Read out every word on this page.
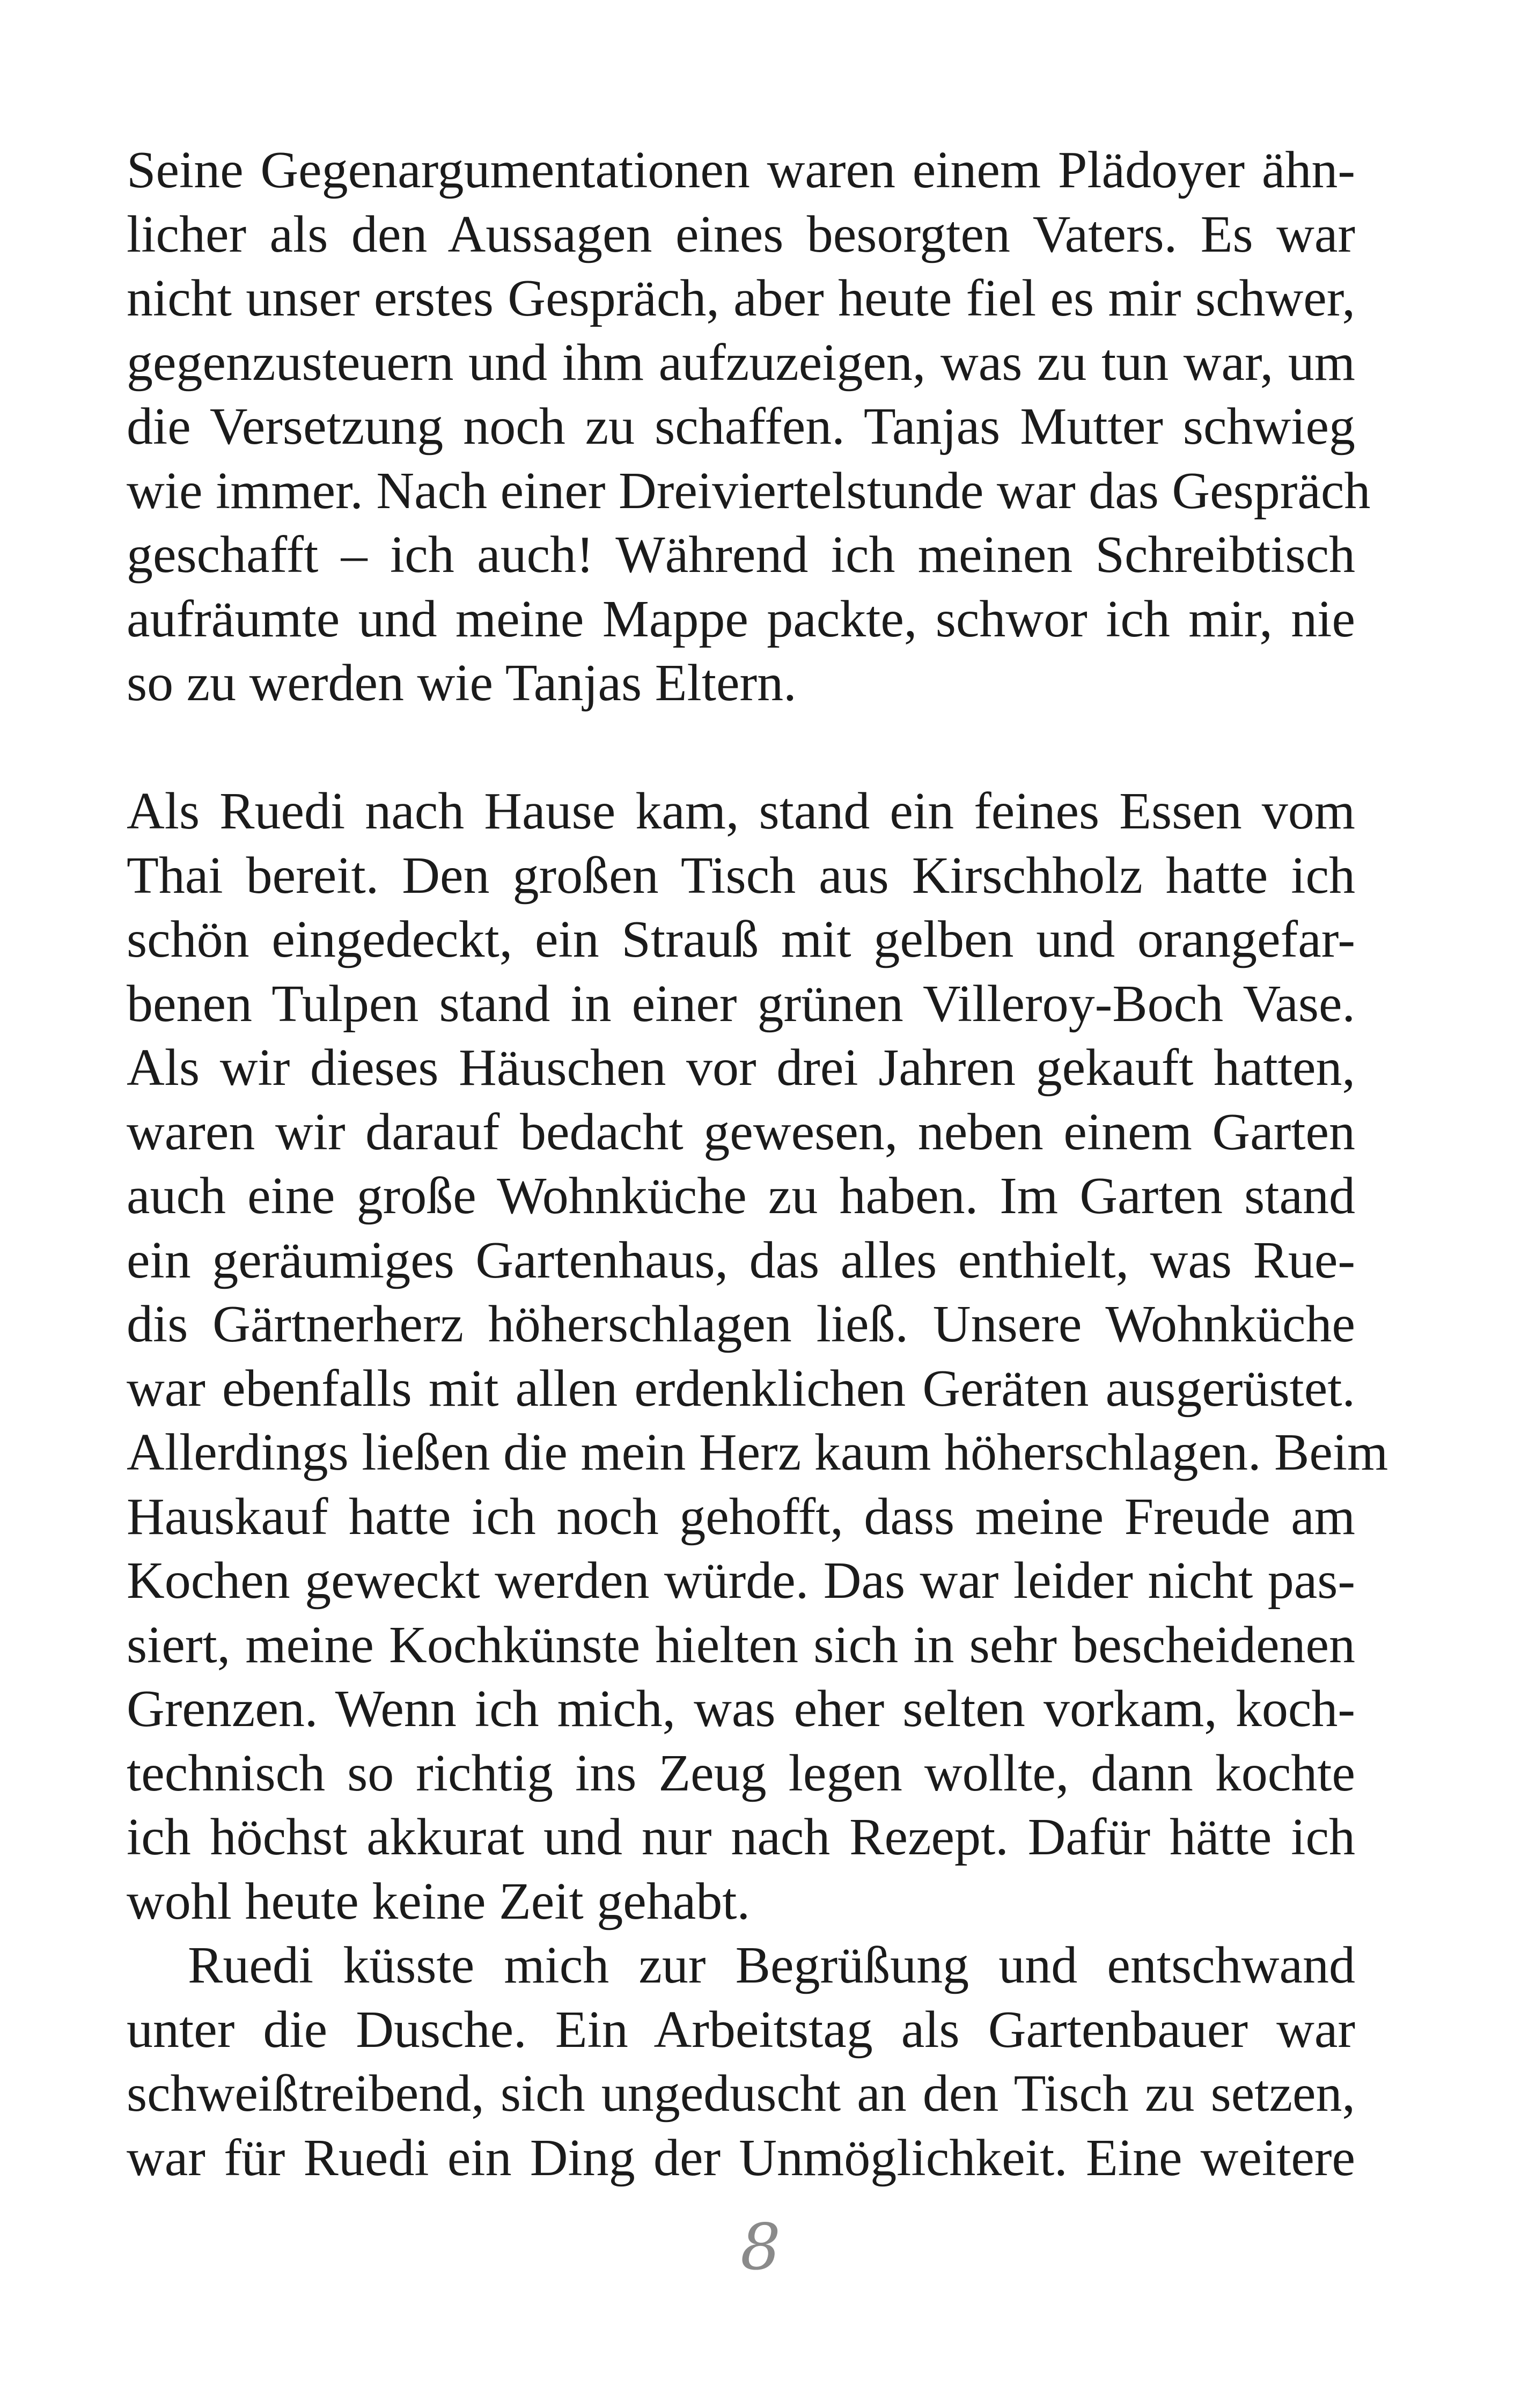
Seine Gegenargumentationen waren einem Plädoyer ähn-
licher als den Aussagen eines besorgten Vaters. Es war
nicht unser erstes Gespräch, aber heute fiel es mir schwer,
gegenzusteuern und ihm aufzuzeigen, was zu tun war, um
die Versetzung noch zu schaffen. Tanjas Mutter schwieg
wie immer. Nach einer Dreiviertelstunde war das Gespräch
geschafft – ich auch! Während ich meinen Schreibtisch
aufräumte und meine Mappe packte, schwor ich mir, nie
so zu werden wie Tanjas Eltern.
Als Ruedi nach Hause kam, stand ein feines Essen vom
Thai bereit. Den großen Tisch aus Kirschholz hatte ich
schön eingedeckt, ein Strauß mit gelben und orangefar-
benen Tulpen stand in einer grünen Villeroy-Boch Vase.
Als wir dieses Häuschen vor drei Jahren gekauft hatten,
waren wir darauf bedacht gewesen, neben einem Garten
auch eine große Wohnküche zu haben. Im Garten stand
ein geräumiges Gartenhaus, das alles enthielt, was Rue-
dis Gärtnerherz höherschlagen ließ. Unsere Wohnküche
war ebenfalls mit allen erdenklichen Geräten ausgerüstet.
Allerdings ließen die mein Herz kaum höherschlagen. Beim
Hauskauf hatte ich noch gehofft, dass meine Freude am
Kochen geweckt werden würde. Das war leider nicht pas-
siert, meine Kochkünste hielten sich in sehr bescheidenen
Grenzen. Wenn ich mich, was eher selten vorkam, koch-
technisch so richtig ins Zeug legen wollte, dann kochte
ich höchst akkurat und nur nach Rezept. Dafür hätte ich
wohl heute keine Zeit gehabt.
Ruedi küsste mich zur Begrüßung und entschwand
unter die Dusche. Ein Arbeitstag als Gartenbauer war
schweißtreibend, sich ungeduscht an den Tisch zu setzen,
war für Ruedi ein Ding der Unmöglichkeit. Eine weitere
8
